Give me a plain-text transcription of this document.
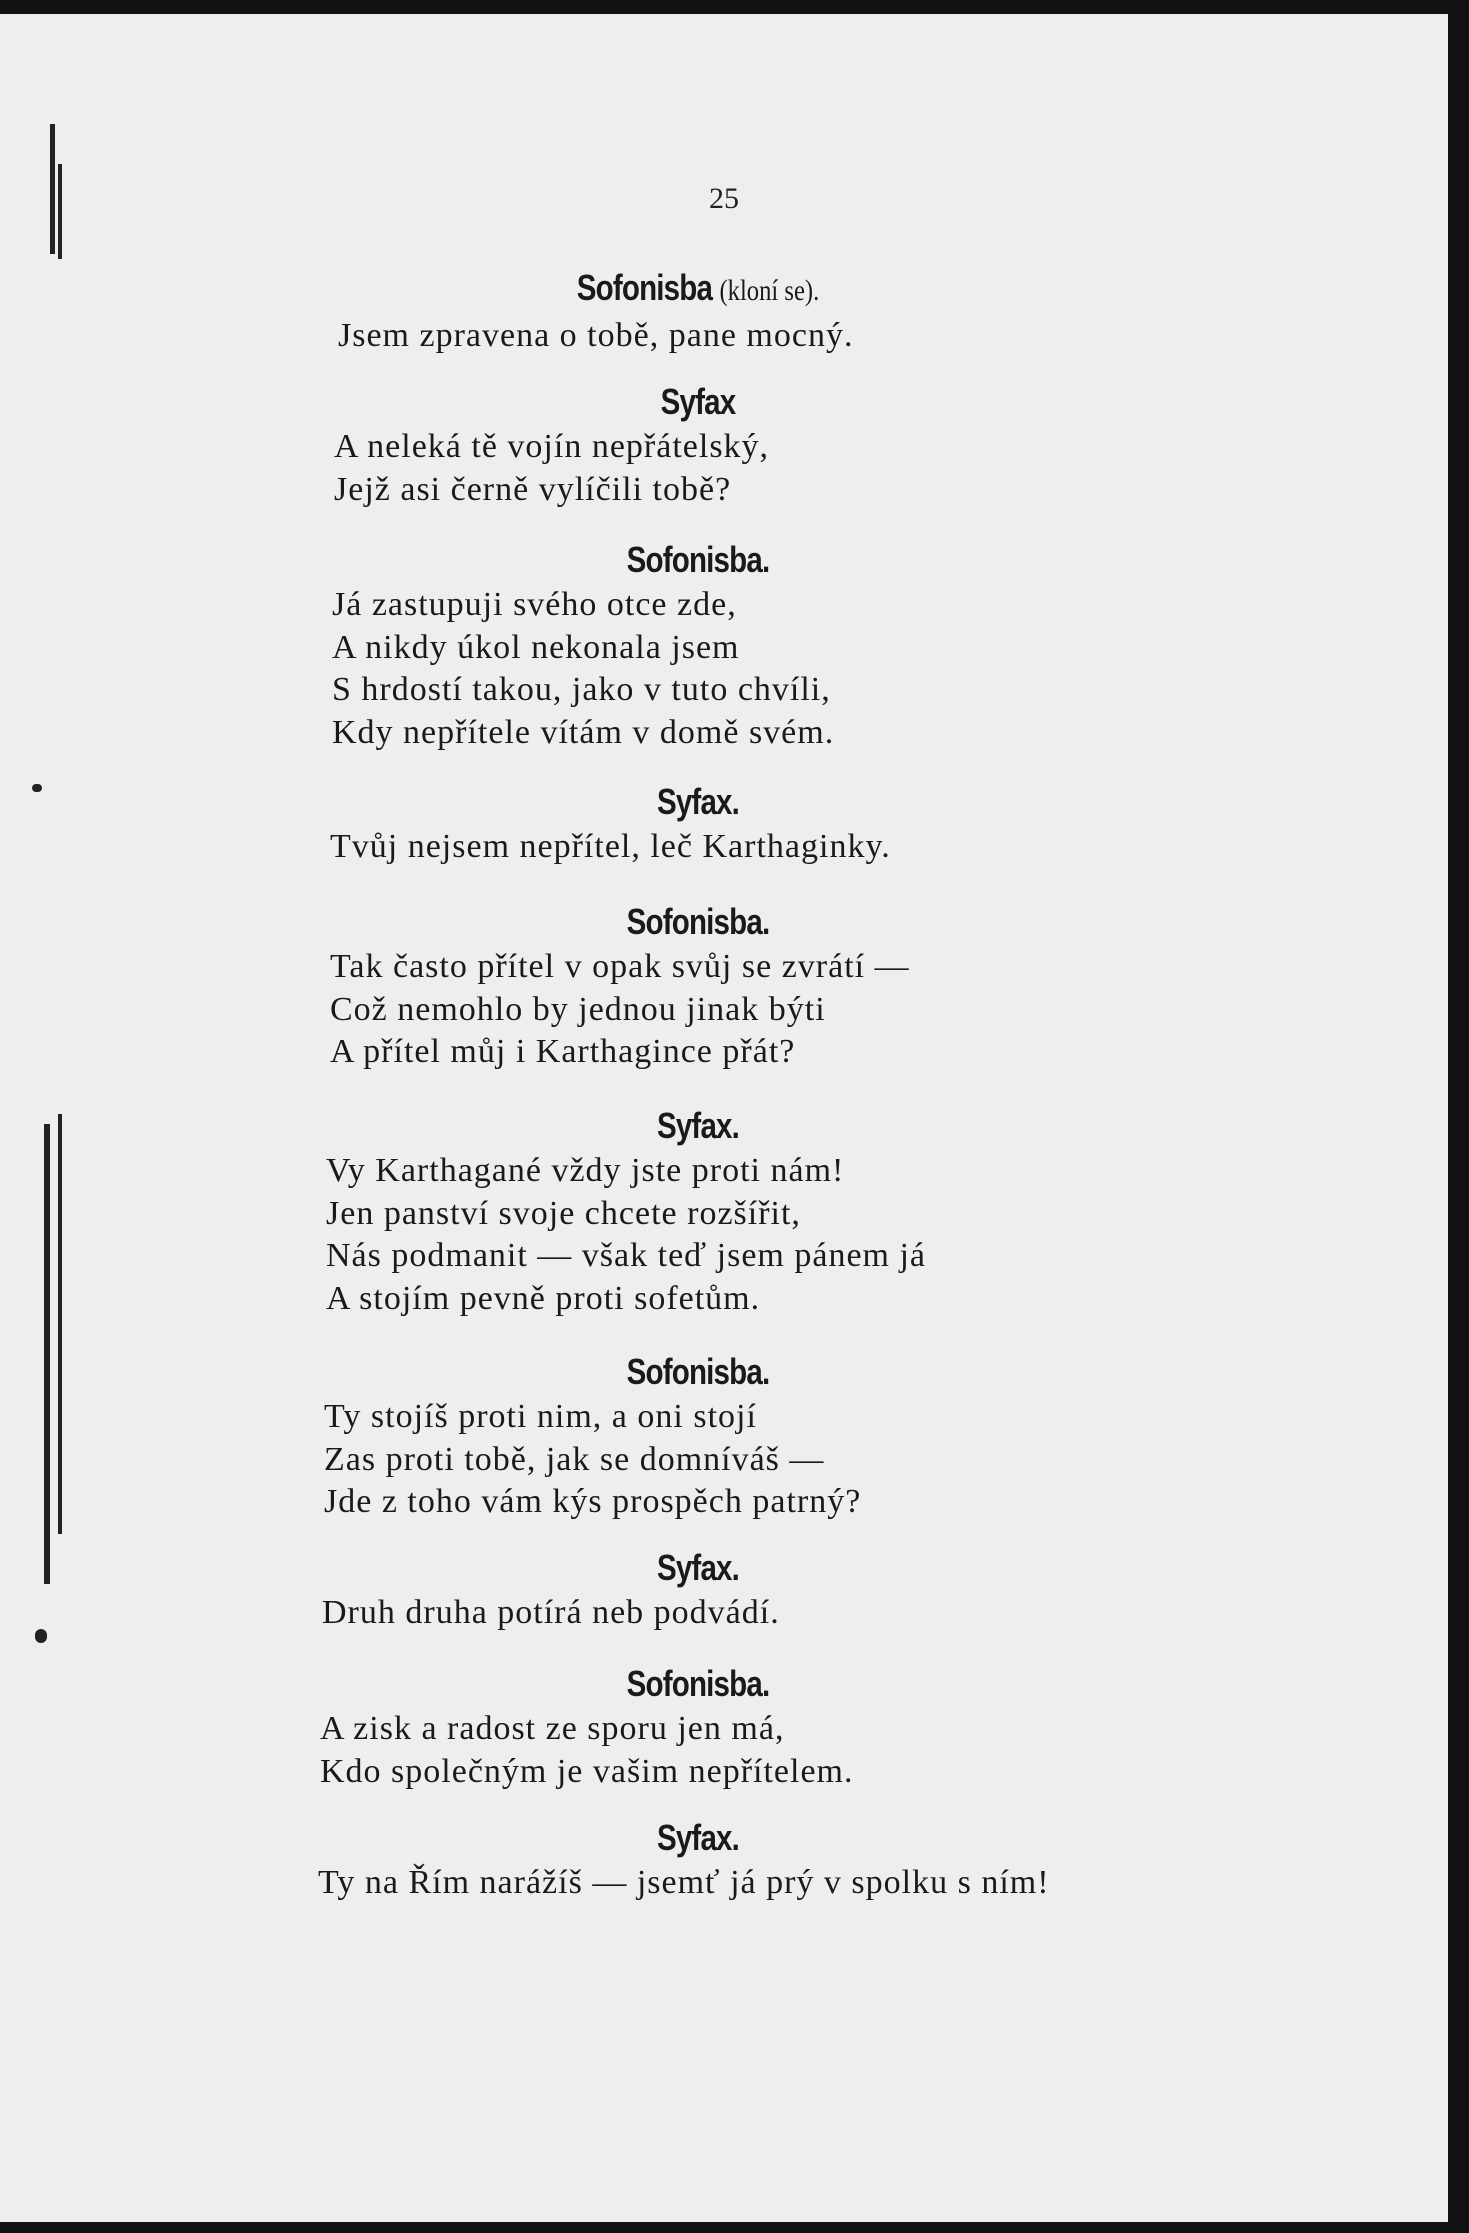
25
Sofonisba (kloní se).
Jsem zpravena o tobě, pane mocný.
Syfax
A neleká tě vojín nepřátelský,
Jejž asi černě vylíčili tobě?
Sofonisba.
Já zastupuji svého otce zde,
A nikdy úkol nekonala jsem
S hrdostí takou, jako v tuto chvíli,
Kdy nepřítele vítám v domě svém.
Syfax.
Tvůj nejsem nepřítel, leč Karthaginky.
Sofonisba.
Tak často přítel v opak svůj se zvrátí —
Což nemohlo by jednou jinak býti
A přítel můj i Karthagince přát?
Syfax.
Vy Karthagané vždy jste proti nám!
Jen panství svoje chcete rozšířit,
Nás podmanit — však teď jsem pánem já
A stojím pevně proti sofetům.
Sofonisba.
Ty stojíš proti nim, a oni stojí
Zas proti tobě, jak se domníváš —
Jde z toho vám kýs prospěch patrný?
Syfax.
Druh druha potírá neb podvádí.
Sofonisba.
A zisk a radost ze sporu jen má,
Kdo společným je vašim nepřítelem.
Syfax.
Ty na Řím narážíš — jsemť já prý v spolku s ním!
